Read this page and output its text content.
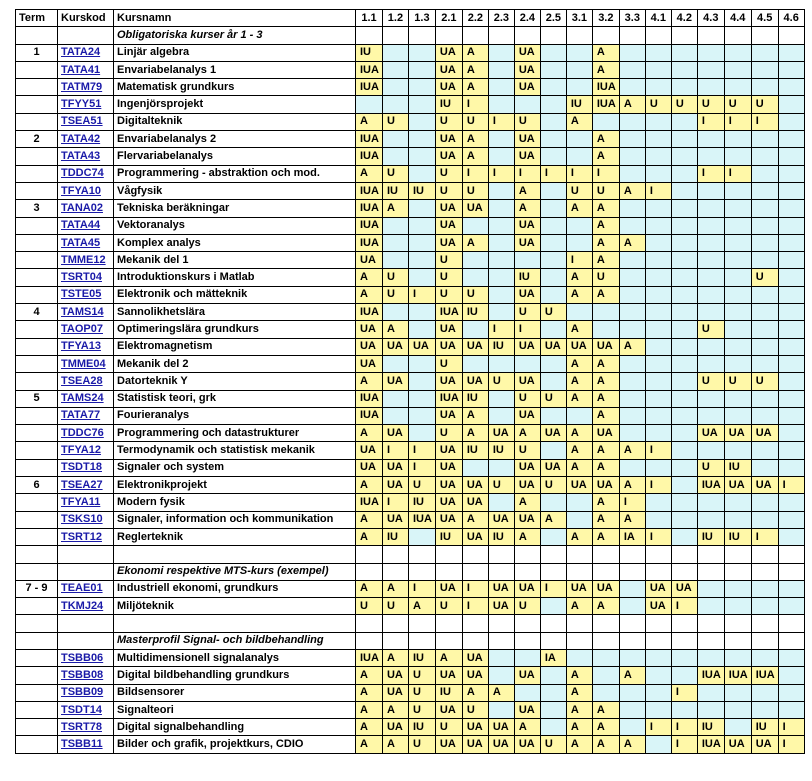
Term	Kurskod	Kursnamn	1.1	1.2	1.3	2.1	2.2	2.3	2.4	2.5	3.1	3.2	3.3	4.1	4.2	4.3	4.4	4.5	4.6
		Obligatoriska kurser år 1 - 3																	
1	TATA24	Linjär algebra	IU			UA	A		UA			A							
	TATA41	Envariabelanalys 1	IUA			UA	A		UA			A							
	TATM79	Matematisk grundkurs	IUA			UA	A		UA			IUA							
	TFYY51	Ingenjörsprojekt				IU	I				IU	IUA	A	U	U	U	U	U	
	TSEA51	Digitalteknik	A	U		U	U	I	U		A					I	I	I	
2	TATA42	Envariabelanalys 2	IUA			UA	A		UA			A							
	TATA43	Flervariabelanalys	IUA			UA	A		UA			A							
	TDDC74	Programmering - abstraktion och mod.	A	U		U	I	I	I	I	I	I				I	I		
	TFYA10	Vågfysik	IUA	IU	IU	U	U		A		U	U	A	I					
3	TANA02	Tekniska beräkningar	IUA	A		UA	UA		A		A	A							
	TATA44	Vektoranalys	IUA			UA			UA			A							
	TATA45	Komplex analys	IUA			UA	A		UA			A	A						
	TMME12	Mekanik del 1	UA			U					I	A							
	TSRT04	Introduktionskurs i Matlab	A	U		U			IU		A	U						U	
	TSTE05	Elektronik och mätteknik	A	U	I	U	U		UA		A	A							
4	TAMS14	Sannolikhetslära	IUA			IUA	IU		U	U									
	TAOP07	Optimeringslära grundkurs	UA	A		UA		I	I		A					U			
	TFYA13	Elektromagnetism	UA	UA	UA	UA	UA	IU	UA	UA	UA	UA	A						
	TMME04	Mekanik del 2	UA			U					A	A							
	TSEA28	Datorteknik Y	A	UA		UA	UA	U	UA		A	A				U	U	U	
5	TAMS24	Statistisk teori, grk	IUA			IUA	IU		U	U	A	A							
	TATA77	Fourieranalys	IUA			UA	A		UA			A							
	TDDC76	Programmering och datastrukturer	A	UA		U	A	UA	A	UA	A	UA				UA	UA	UA	
	TFYA12	Termodynamik och statistisk mekanik	UA	I	I	UA	IU	IU	U		A	A	A	I					
	TSDT18	Signaler och system	UA	UA	I	UA			UA	UA	A	A				U	IU		
6	TSEA27	Elektronikprojekt	A	UA	U	UA	UA	U	UA	U	UA	UA	A	I		IUA	UA	UA	I
	TFYA11	Modern fysik	IUA	I	IU	UA	UA		A			A	I						
	TSKS10	Signaler, information och kommunikation	A	UA	IUA	UA	A	UA	UA	A		A	A						
	TSRT12	Reglerteknik	A	IU		IU	UA	IU	A		A	A	IA	I		IU	IU	I	

		Ekonomi respektive MTS-kurs (exempel)																	
7 - 9	TEAE01	Industriell ekonomi, grundkurs	A	A	I	UA	I	UA	UA	I	UA	UA		UA	UA				
	TKMJ24	Miljöteknik	U	U	A	U	I	UA	U		A	A		UA	I				

		Masterprofil Signal- och bildbehandling																	
	TSBB06	Multidimensionell signalanalys	IUA	A	IU	A	UA			IA									
	TSBB08	Digital bildbehandling grundkurs	A	UA	U	UA	UA		UA		A		A			IUA	IUA	IUA	
	TSBB09	Bildsensorer	A	UA	U	IU	A	A			A				I				
	TSDT14	Signalteori	A	A	U	UA	U		UA		A	A							
	TSRT78	Digital signalbehandling	A	UA	IU	U	UA	UA	A		A	A		I	I	IU		IU	I
	TSBB11	Bilder och grafik, projektkurs, CDIO	A	A	U	UA	UA	UA	UA	U	A	A	A		I	IUA	UA	UA	I
